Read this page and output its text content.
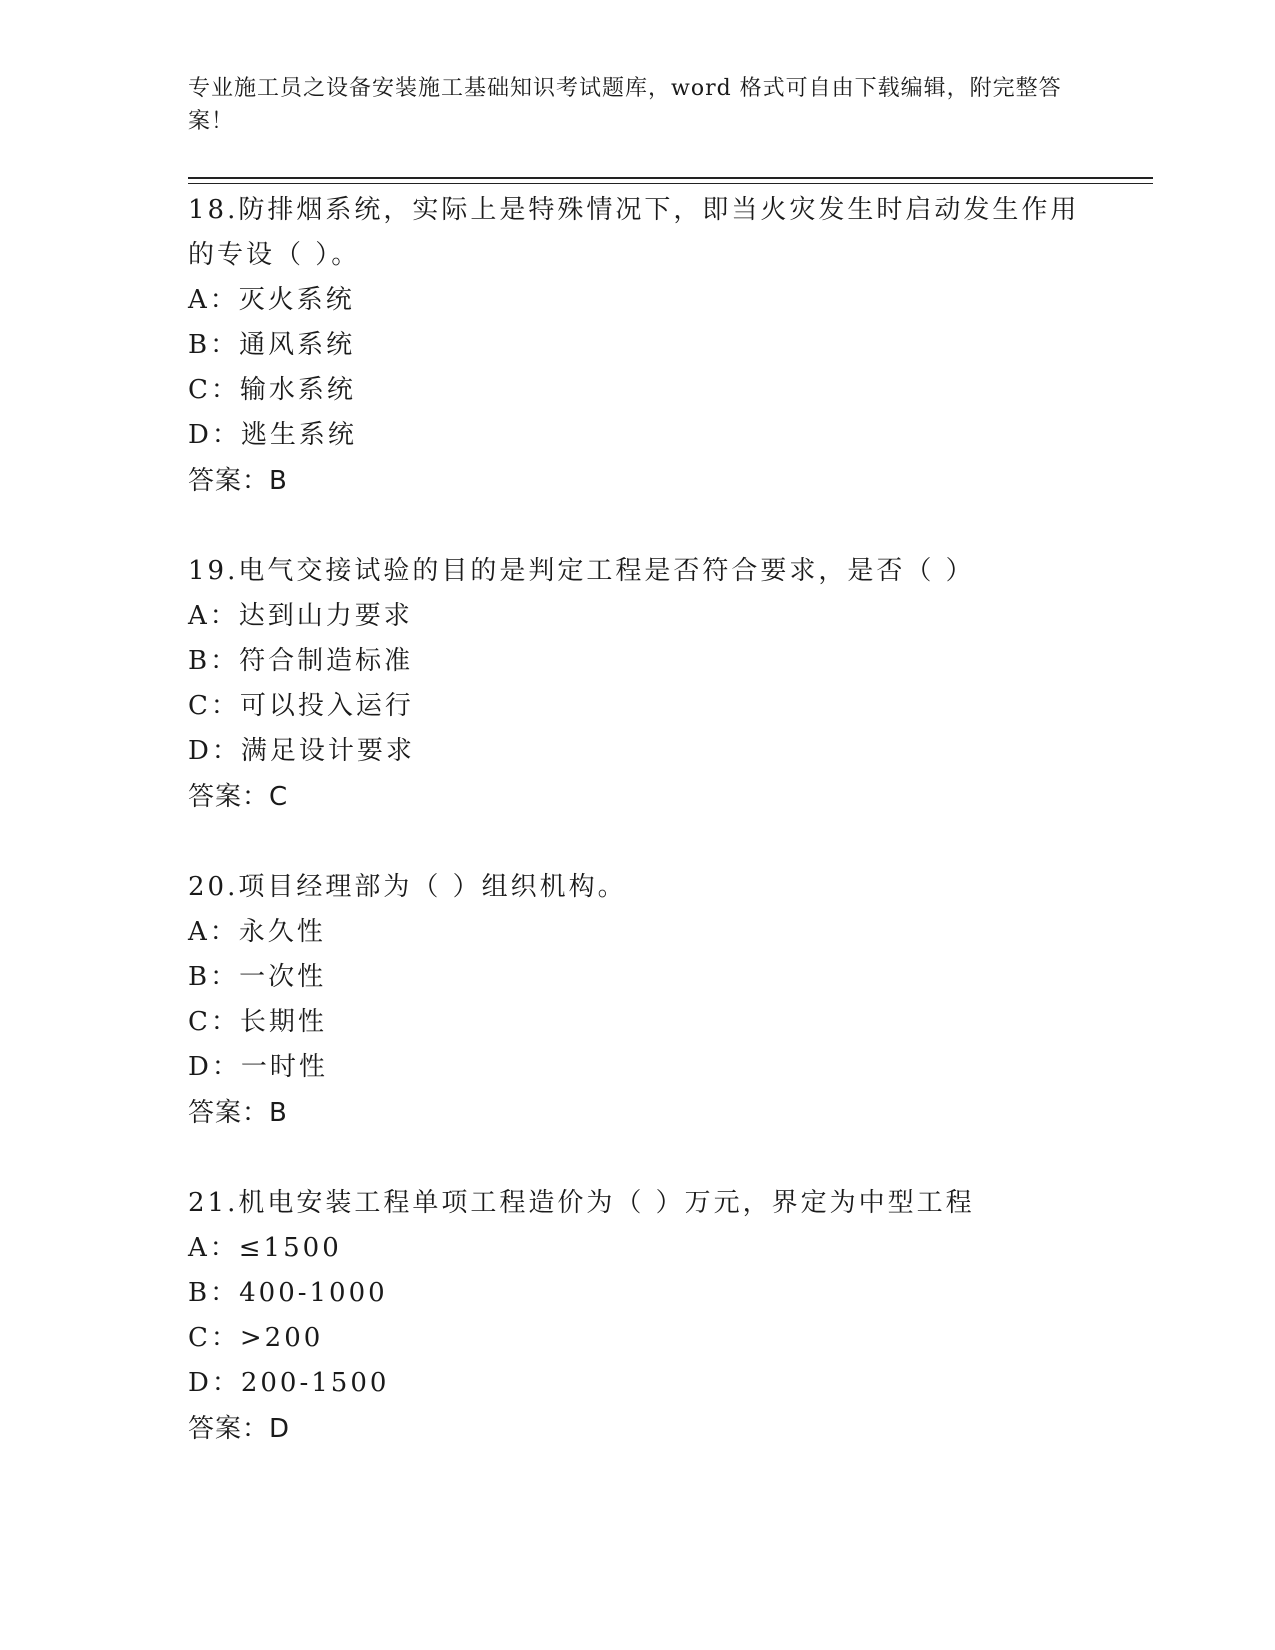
专业施工员之设备安装施工基础知识考试题库，word 格式可自由下载编辑，附完整答案！
18.防排烟系统，实际上是特殊情况下，即当火灾发生时启动发生作用的专设（ ）。
A：灭火系统
B：通风系统
C：输水系统
D：逃生系统
答案：B
19.电气交接试验的目的是判定工程是否符合要求，是否（ ）
A：达到山力要求
B：符合制造标准
C：可以投入运行
D：满足设计要求
答案：C
20.项目经理部为（ ）组织机构。
A：永久性
B：一次性
C：长期性
D：一时性
答案：B
21.机电安装工程单项工程造价为（ ）万元，界定为中型工程
A：≤1500
B：400-1000
C：>200
D：200-1500
答案：D
